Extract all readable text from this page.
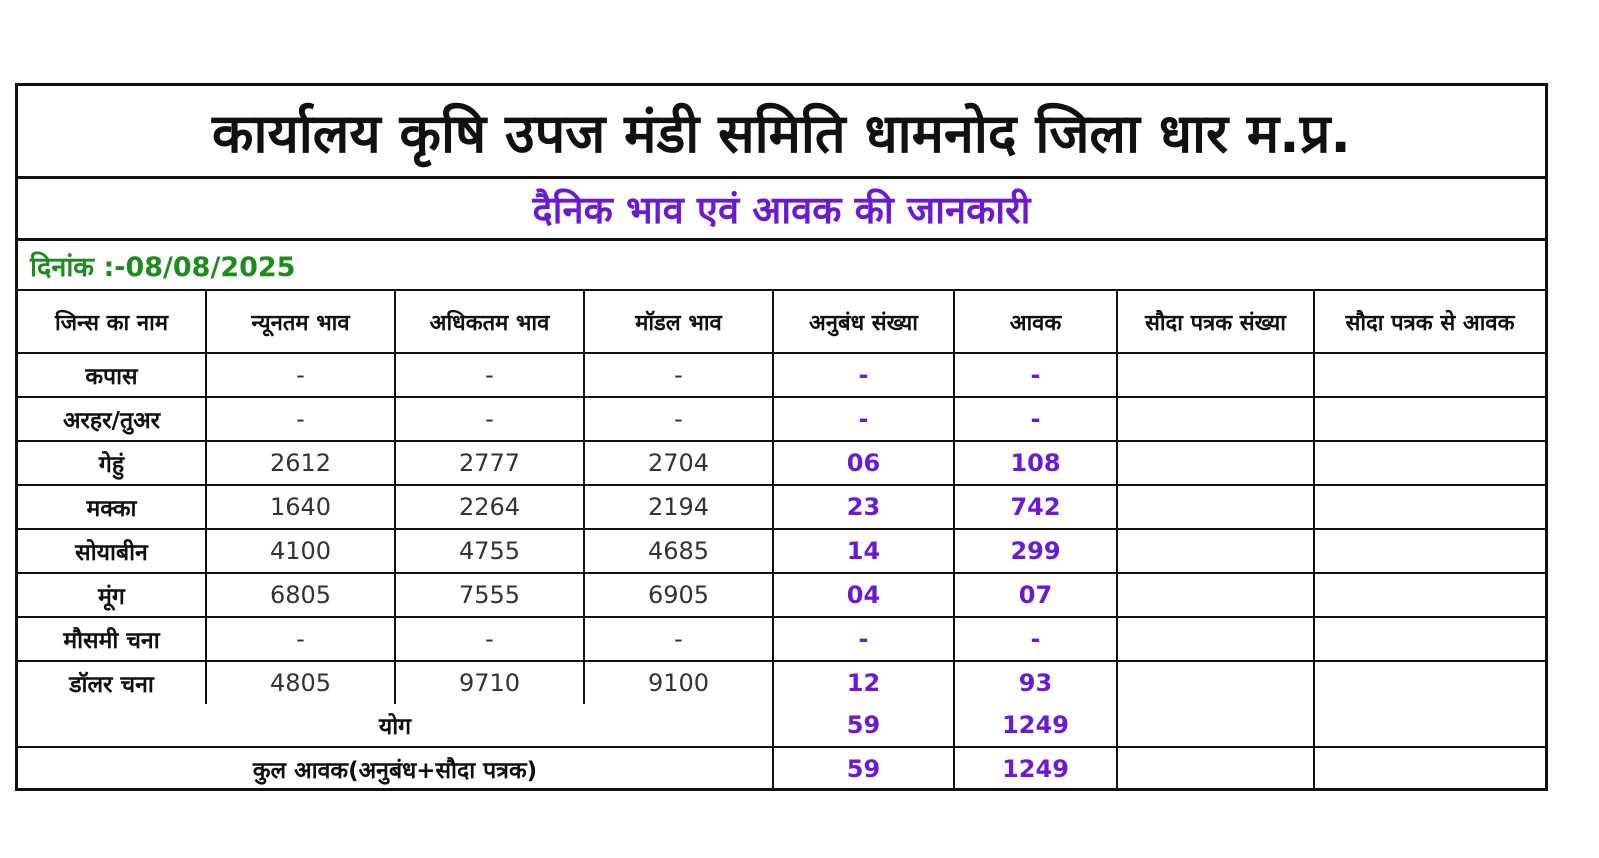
कार्यालय कृषि उपज मंडी समिति धामनोद जिला धार म.प्र.
दैनिक भाव एवं आवक की जानकारी
दिनांक :-08/08/2025
जिन्स का नाम	न्यूनतम भाव	अधिकतम भाव	मॉडल भाव	अनुबंध संख्या	आवक	सौदा पत्रक संख्या	सौदा पत्रक से आवक
कपास	-	-	-	-	-		
अरहर/तुअर	-	-	-	-	-		
गेहुं	2612	2777	2704	06	108		
मक्का	1640	2264	2194	23	742		
सोयाबीन	4100	4755	4685	14	299		
मूंग	6805	7555	6905	04	07		
मौसमी चना	-	-	-	-	-		
डॉलर चना	4805	9710	9100	12	93		
योग				59	1249		
कुल आवक(अनुबंध+सौदा पत्रक)				59	1249		
